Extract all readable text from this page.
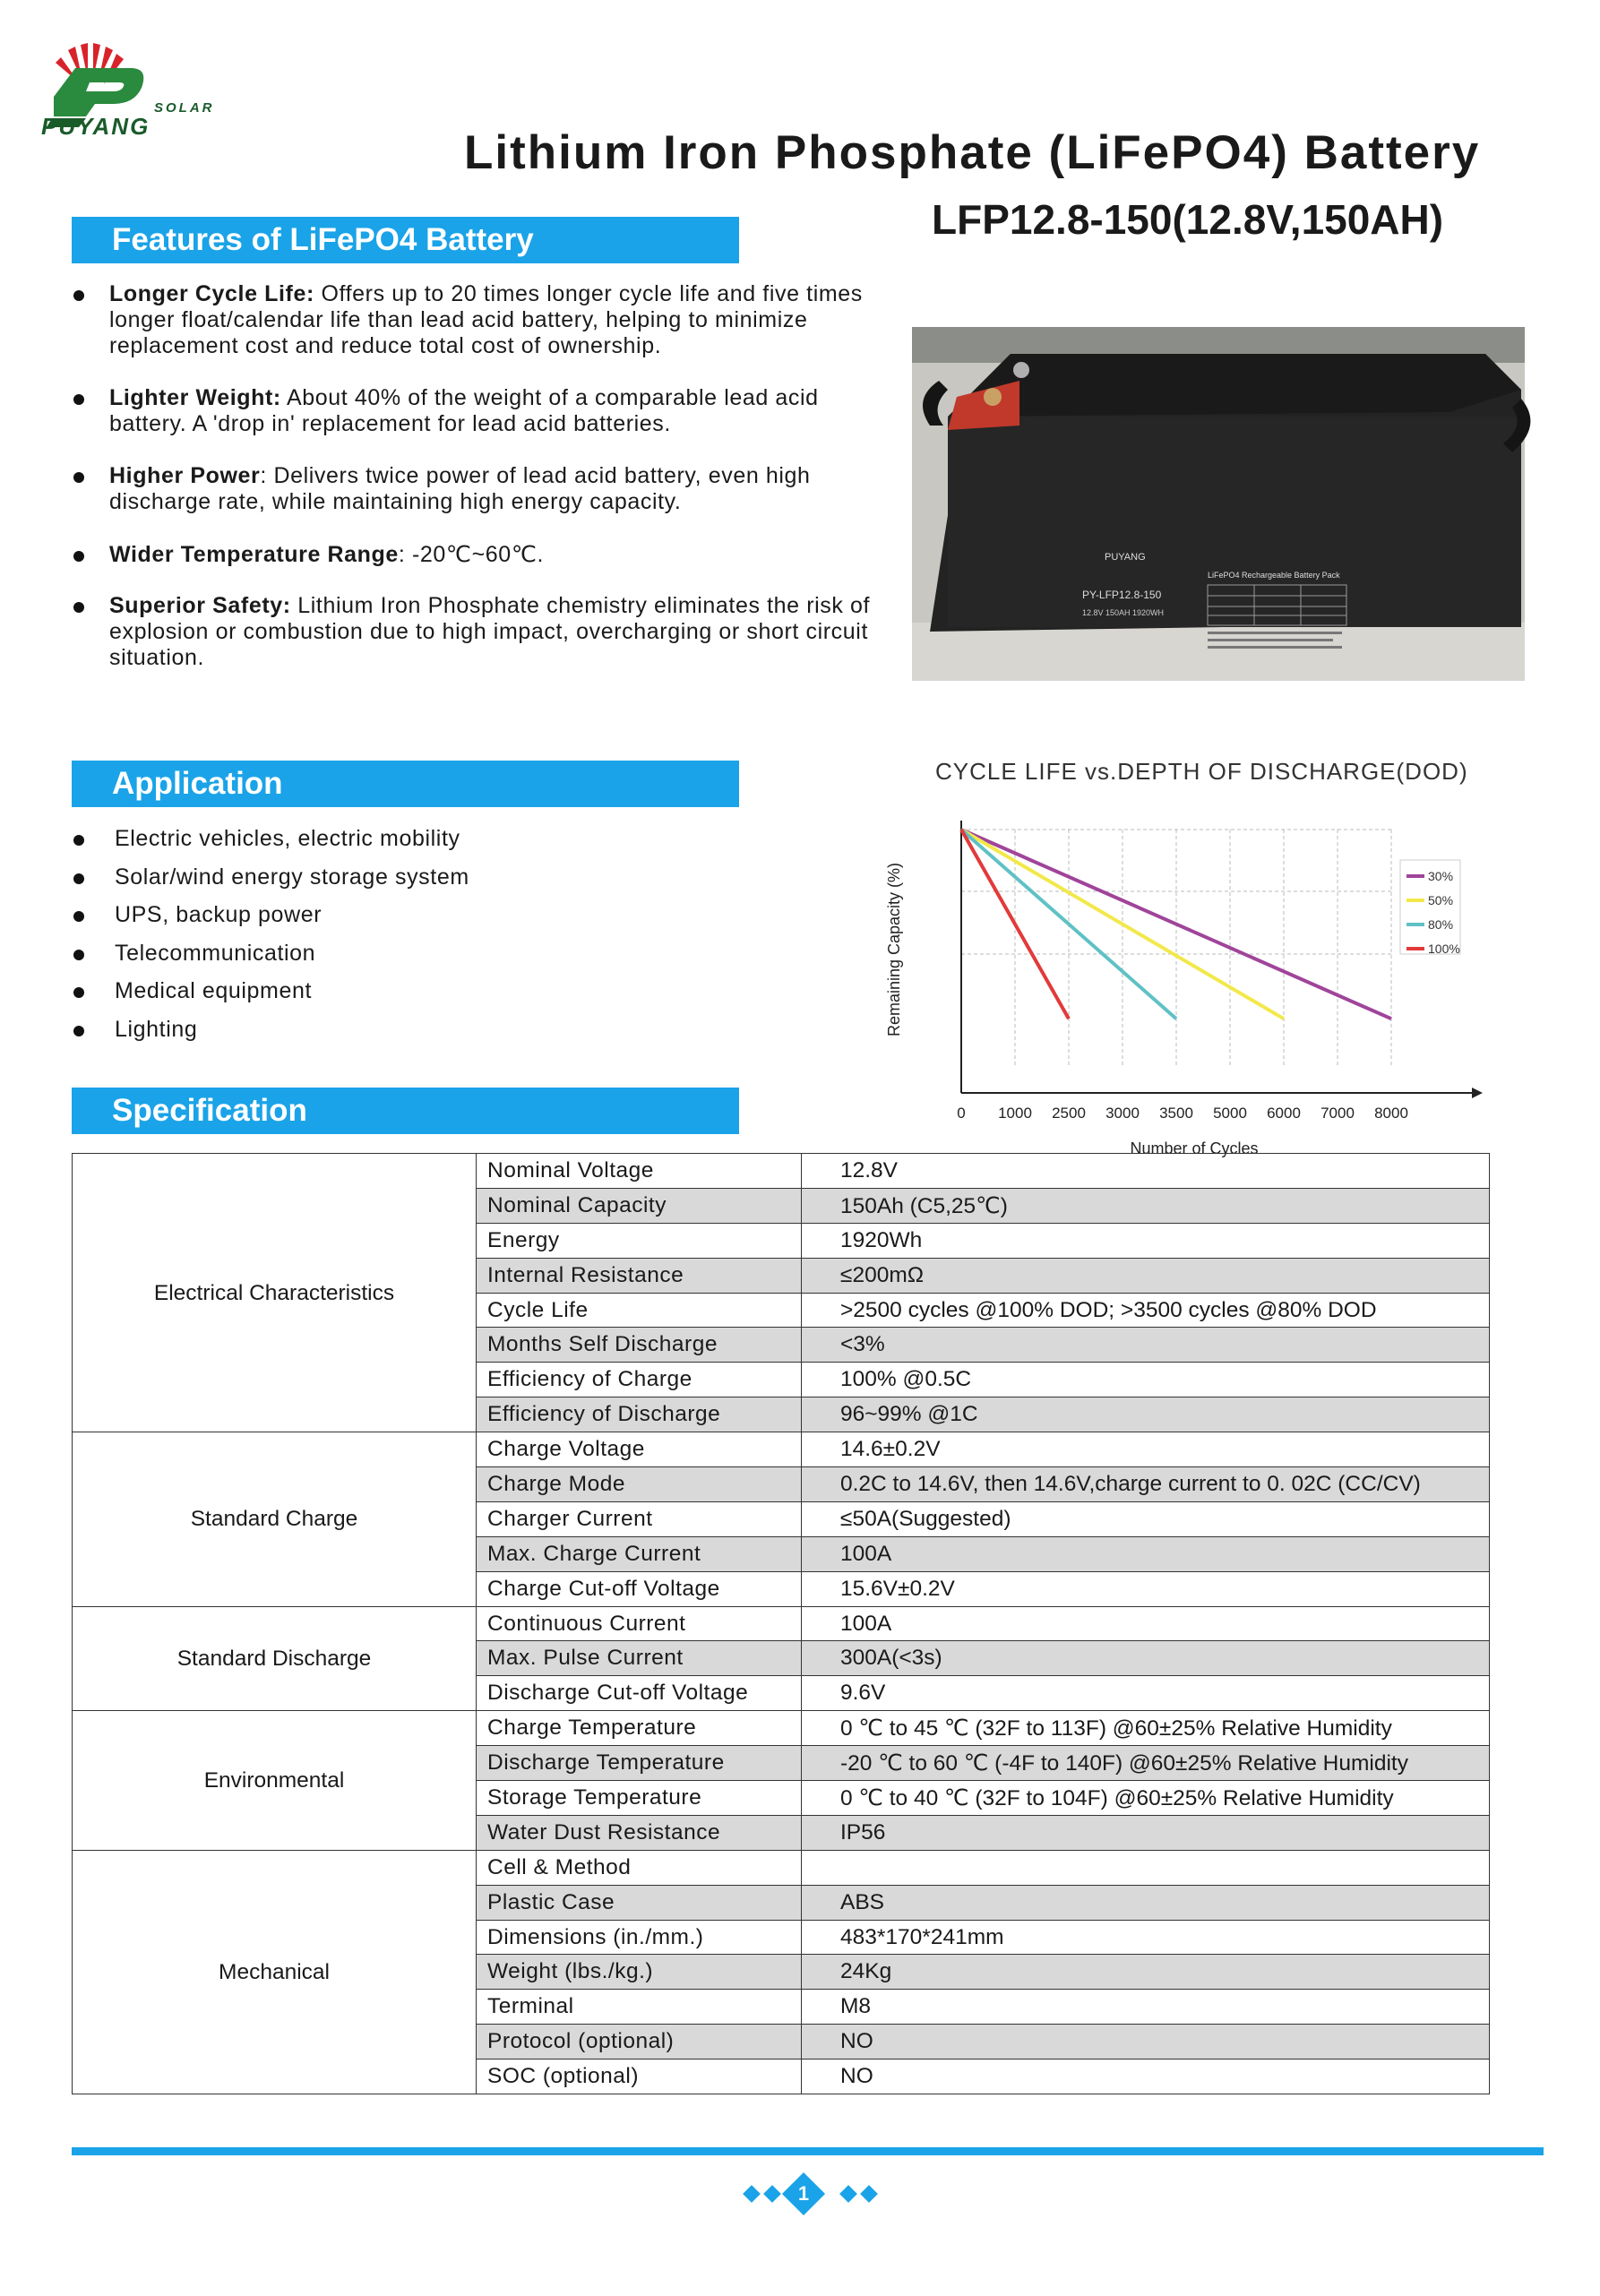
SOLAR
PUYANG	Lithium Iron Phosphate (LiFePO4) Battery
LFP12.8-150(12.8V,150AH)
Features of LiFePO4 Battery
Longer Cycle Life: Offers up to 20 times longer cycle life and five times longer float/calendar life than lead acid battery, helping to minimize replacement cost and reduce total cost of ownership.
Lighter Weight: About 40% of the weight of a comparable lead acid battery. A 'drop in' replacement for lead acid batteries.
Higher Power: Delivers twice power of lead acid battery, even high discharge rate, while maintaining high energy capacity.
Wider Temperature Range: -20℃~60℃.
Superior Safety: Lithium Iron Phosphate chemistry eliminates the risk of explosion or combustion due to high impact, overcharging or short circuit situation.
PUYANG
PY-LFP12.8-150
12.8V 150AH 1920WH
LiFePO4 Rechargeable Battery Pack
Application
Electric vehicles, electric mobility
Solar/wind energy storage system
UPS, backup power
Telecommunication
Medical equipment
Lighting
CYCLE LIFE vs.DEPTH OF DISCHARGE(DOD)
30%
50%
80%
100%
0 1000 2500 3000 3500 5000 6000 7000 8000
Number of Cycles
Remaining Capacity (%)
Specification
Electrical Characteristics	Nominal Voltage	12.8V
	Nominal Capacity	150Ah (C5,25℃)
	Energy	1920Wh
	Internal Resistance	≤200mΩ
	Cycle Life	>2500 cycles @100% DOD; >3500 cycles @80% DOD
	Months Self Discharge	<3%
	Efficiency of Charge	100% @0.5C
	Efficiency of Discharge	96~99% @1C
Standard Charge	Charge Voltage	14.6±0.2V
	Charge Mode	0.2C to 14.6V, then 14.6V,charge current to 0. 02C (CC/CV)
	Charger Current	≤50A(Suggested)
	Max. Charge Current	100A
	Charge Cut-off Voltage	15.6V±0.2V
Standard Discharge	Continuous Current	100A
	Max. Pulse Current	300A(<3s)
	Discharge Cut-off Voltage	9.6V
Environmental	Charge Temperature	0 ℃ to 45 ℃ (32F to 113F) @60±25% Relative Humidity
	Discharge Temperature	-20 ℃ to 60 ℃ (-4F to 140F) @60±25% Relative Humidity
	Storage Temperature	0 ℃ to 40 ℃ (32F to 104F) @60±25% Relative Humidity
	Water Dust Resistance	IP56
Mechanical	Cell & Method	
	Plastic Case	ABS
	Dimensions (in./mm.)	483*170*241mm
	Weight (lbs./kg.)	24Kg
	Terminal	M8
	Protocol (optional)	NO
	SOC (optional)	NO
1
